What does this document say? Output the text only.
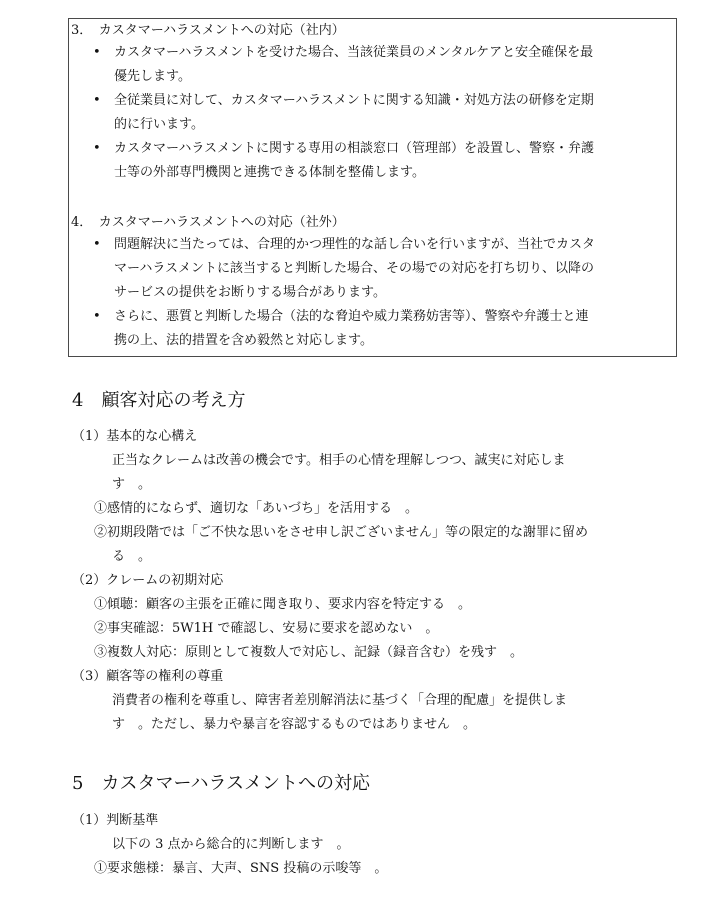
3．　カスタマーハラスメントへの対応（社内）
• カスタマーハラスメントを受けた場合、当該従業員のメンタルケアと安全確保を最
優先します。
• 全従業員に対して、カスタマーハラスメントに関する知識・対処方法の研修を定期
的に行います。
• カスタマーハラスメントに関する専用の相談窓口（管理部）を設置し、警察・弁護
士等の外部専門機関と連携できる体制を整備します。
4．　カスタマーハラスメントへの対応（社外）
• 問題解決に当たっては、合理的かつ理性的な話し合いを行いますが、当社でカスタ
マーハラスメントに該当すると判断した場合、その場での対応を打ち切り、以降の
サービスの提供をお断りする場合があります。
• さらに、悪質と判断した場合（法的な脅迫や威力業務妨害等）、警察や弁護士と連
携の上、法的措置を含め毅然と対応します。
4　顧客対応の考え方
（1）基本的な心構え
正当なクレームは改善の機会です。相手の心情を理解しつつ、誠実に対応しま
す　。
①感情的にならず、適切な「あいづち」を活用する　。
②初期段階では「ご不快な思いをさせ申し訳ございません」等の限定的な謝罪に留め
る　。
（2）クレームの初期対応
①傾聴：顧客の主張を正確に聞き取り、要求内容を特定する　。
②事実確認：5W1H で確認し、安易に要求を認めない　。
③複数人対応：原則として複数人で対応し、記録（録音含む）を残す　。
（3）顧客等の権利の尊重
消費者の権利を尊重し、障害者差別解消法に基づく「合理的配慮」を提供しま
す　。ただし、暴力や暴言を容認するものではありません　。
5　カスタマーハラスメントへの対応
（1）判断基準
以下の 3 点から総合的に判断します　。
①要求態様：暴言、大声、SNS 投稿の示唆等　。
